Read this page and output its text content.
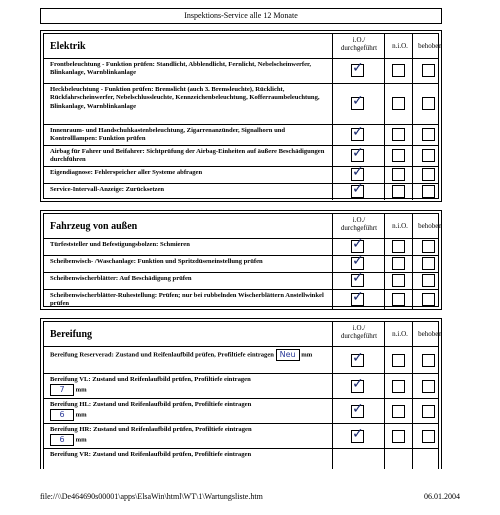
Inspektions-Service alle 12 Monate
Elektrik
i.O./ durchgeführt	n.i.O.	behoben
Frontbeleuchtung - Funktion prüfen: Standlicht, Abblendlicht, Fernlicht, Nebelscheinwerfer, Blinkanlage, Warnblinkanlage	✓
Heckbeleuchtung - Funktion prüfen: Bremslicht (auch 3. Bremsleuchte), Rücklicht, Rückfahrscheinwerfer, Nebelschlussleuchte, Kennzeichenbeleuchtung, Kofferraumbeleuchtung, Blinkanlage, Warnblinkanlage	✓
Innenraum- und Handschuhkastenbeleuchtung, Zigarrenanzünder, Signalhorn und Kontrolllampen: Funktion prüfen	✓
Airbag für Fahrer und Beifahrer: Sichtprüfung der Airbag-Einheiten auf äußere Beschädigungen durchführen	✓
Eigendiagnose: Fehlerspeicher aller Systeme abfragen	✓
Service-Intervall-Anzeige: Zurücksetzen	✓
Fahrzeug von außen
i.O./ durchgeführt	n.i.O.	behoben
Türfeststeller und Befestigungsbolzen: Schmieren	✓
Scheibenwisch- /Waschanlage: Funktion und Spritzdüseneinstellung prüfen	✓
Scheibenwischerblätter: Auf Beschädigung prüfen	✓
Scheibenwischerblätter-Ruhestellung: Prüfen; nur bei rubbelnden Wischerblättern Anstellwinkel prüfen	✓
Bereifung
i.O./ durchgeführt	n.i.O.	behoben
Bereifung Reserverad: Zustand und Reifenlaufbild prüfen, Profiltiefe eintragen Neu mm	✓
Bereifung VL: Zustand und Reifenlaufbild prüfen, Profiltiefe eintragen
7 mm	✓
Bereifung HL: Zustand und Reifenlaufbild prüfen, Profiltiefe eintragen
6 mm	✓
Bereifung HR: Zustand und Reifenlaufbild prüfen, Profiltiefe eintragen
6 mm	✓
Bereifung VR: Zustand und Reifenlaufbild prüfen, Profiltiefe eintragen
file://\\De464690s00001\apps\ElsaWin\html\WT\1\Wartungsliste.htm	06.01.2004
